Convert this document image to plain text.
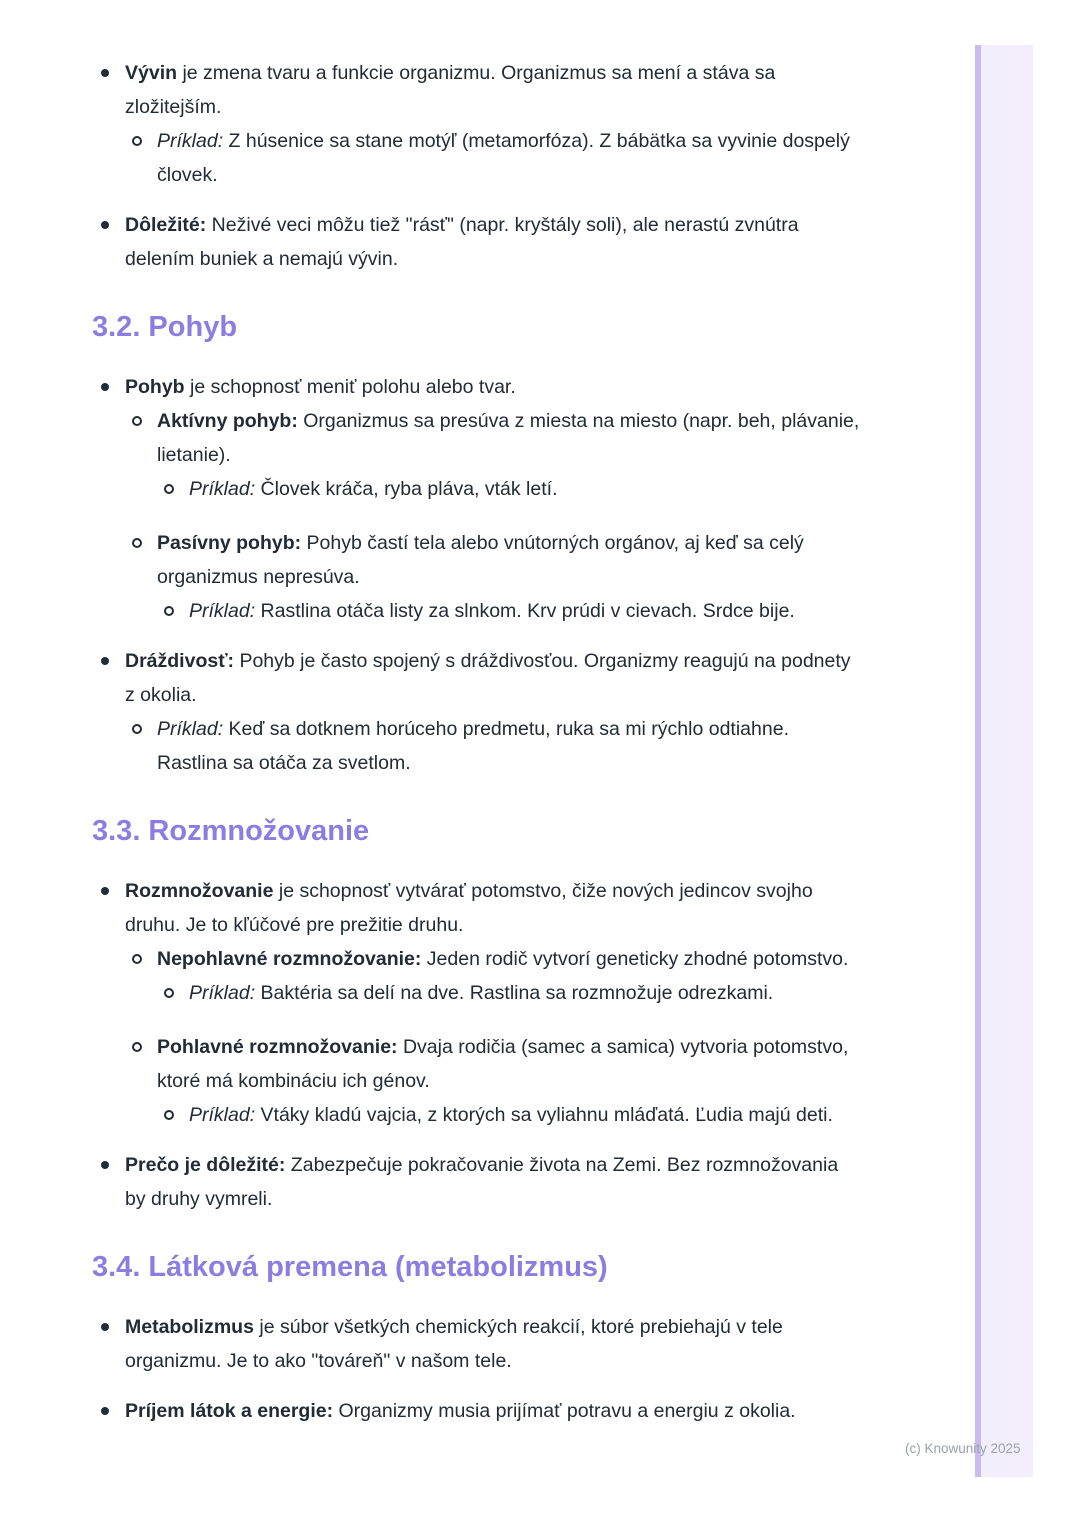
Vývin je zmena tvaru a funkcie organizmu. Organizmus sa mení a stáva sa zložitejším.
Príklad: Z húsenice sa stane motýľ (metamorfóza). Z bábätka sa vyvinie dospelý človek.
Dôležité: Neživé veci môžu tiež "rásť" (napr. kryštály soli), ale nerastú zvnútra delením buniek a nemajú vývin.
3.2. Pohyb
Pohyb je schopnosť meniť polohu alebo tvar.
Aktívny pohyb: Organizmus sa presúva z miesta na miesto (napr. beh, plávanie, lietanie).
Príklad: Človek kráča, ryba pláva, vták letí.
Pasívny pohyb: Pohyb častí tela alebo vnútorných orgánov, aj keď sa celý organizmus nepresúva.
Príklad: Rastlina otáča listy za slnkom. Krv prúdi v cievach. Srdce bije.
Dráždivosť: Pohyb je často spojený s dráždivosťou. Organizmy reagujú na podnety z okolia.
Príklad: Keď sa dotknem horúceho predmetu, ruka sa mi rýchlo odtiahne. Rastlina sa otáča za svetlom.
3.3. Rozmnožovanie
Rozmnožovanie je schopnosť vytvárať potomstvo, čiže nových jedincov svojho druhu. Je to kľúčové pre prežitie druhu.
Nepohlavné rozmnožovanie: Jeden rodič vytvorí geneticky zhodné potomstvo.
Príklad: Baktéria sa delí na dve. Rastlina sa rozmnožuje odrezkami.
Pohlavné rozmnožovanie: Dvaja rodičia (samec a samica) vytvoria potomstvo, ktoré má kombináciu ich génov.
Príklad: Vtáky kladú vajcia, z ktorých sa vyliahnu mláďatá. Ľudia majú deti.
Prečo je dôležité: Zabezpečuje pokračovanie života na Zemi. Bez rozmnožovania by druhy vymreli.
3.4. Látková premena (metabolizmus)
Metabolizmus je súbor všetkých chemických reakcií, ktoré prebiehajú v tele organizmu. Je to ako "továreň" v našom tele.
Príjem látok a energie: Organizmy musia prijímať potravu a energiu z okolia.
(c) Knowunity 2025
